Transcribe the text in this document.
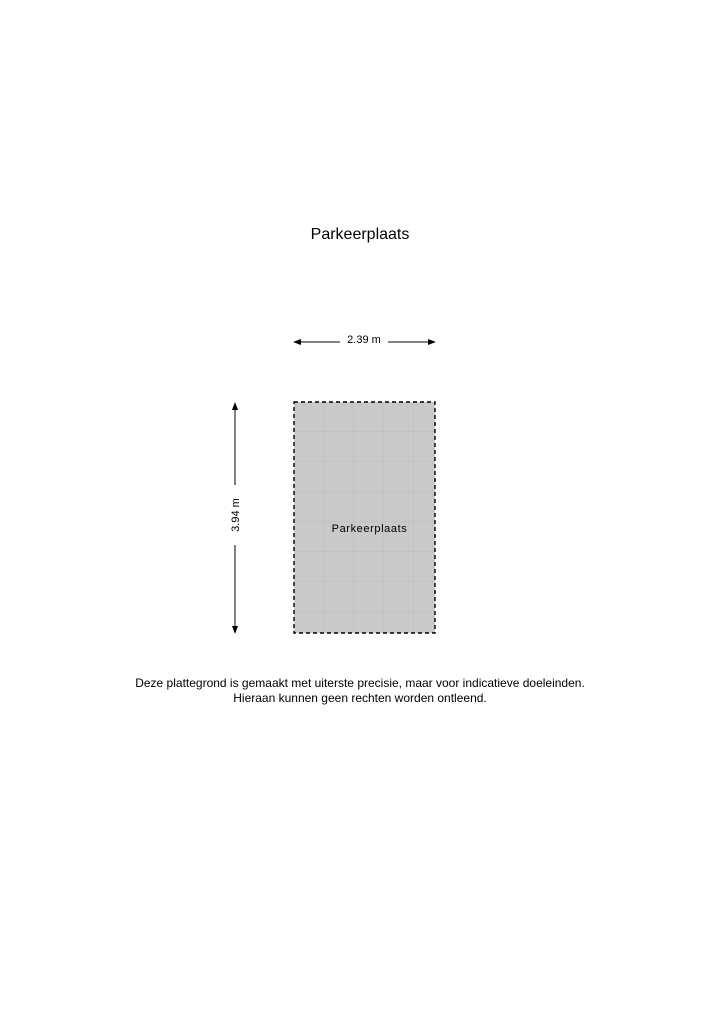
Parkeerplaats
2.39 m
3.94 m	Parkeerplaats
Deze plattegrond is gemaakt met uiterste precisie, maar voor indicatieve doeleinden.
Hieraan kunnen geen rechten worden ontleend.
